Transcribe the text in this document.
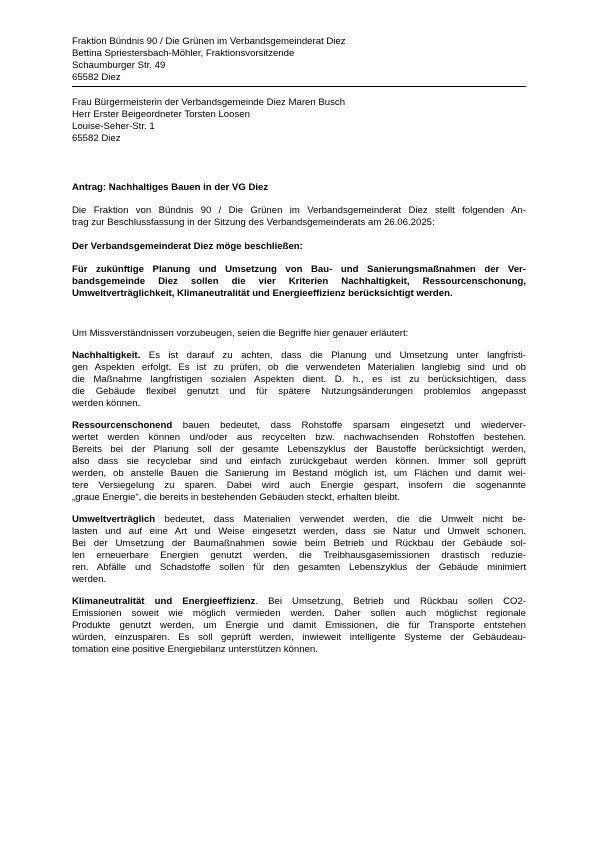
Fraktion Bündnis 90 / Die Grünen im Verbandsgemeinderat Diez
Bettina Spriestersbach-Möhler, Fraktionsvorsitzende
Schaumburger Str. 49
65582 Diez
Frau Bürgermeisterin der Verbandsgemeinde Diez Maren Busch
Herr Erster Beigeordneter Torsten Loosen
Louise-Seher-Str. 1
65582 Diez
Antrag: Nachhaltiges Bauen in der VG Diez
Die Fraktion von Bündnis 90 / Die Grünen im Verbandsgemeinderat Diez stellt folgenden An-
trag zur Beschlussfassung in der Sitzung des Verbandsgemeinderats am 26.06.2025:
Der Verbandsgemeinderat Diez möge beschließen:
Für zukünftige Planung und Umsetzung von Bau- und Sanierungsmaßnahmen der Ver-
bandsgemeinde Diez sollen die vier Kriterien Nachhaltigkeit, Ressourcenschonung,
Umweltverträglichkeit, Klimaneutralität und Energieeffizienz berücksichtigt werden.
Um Missverständnissen vorzubeugen, seien die Begriffe hier genauer erläutert:
Nachhaltigkeit. Es ist darauf zu achten, dass die Planung und Umsetzung unter langfristi-
gen Aspekten erfolgt. Es ist zu prüfen, ob die verwendeten Materialien langlebig sind und ob
die Maßnahme langfristigen sozialen Aspekten dient. D. h., es ist zu berücksichtigen, dass
die Gebäude flexibel genutzt und für spätere Nutzungsänderungen problemlos angepasst
werden können.
Ressourcenschonend bauen bedeutet, dass Rohstoffe sparsam eingesetzt und wiederver-
wertet werden können und/oder aus recycelten bzw. nachwachsenden Rohstoffen bestehen.
Bereits bei der Planung soll der gesamte Lebenszyklus der Baustoffe berücksichtigt werden,
also dass sie recyclebar sind und einfach zurückgebaut werden können. Immer soll geprüft
werden, ob anstelle Bauen die Sanierung im Bestand möglich ist, um Flächen und damit wei-
tere Versiegelung zu sparen. Dabei wird auch Energie gespart, insofern die sogenannte
„graue Energie“, die bereits in bestehenden Gebäuden steckt, erhalten bleibt.
Umweltverträglich bedeutet, dass Materialien verwendet werden, die die Umwelt nicht be-
lasten und auf eine Art und Weise eingesetzt werden, dass sie Natur und Umwelt schonen.
Bei der Umsetzung der Baumaßnahmen sowie beim Betrieb und Rückbau der Gebäude sol-
len erneuerbare Energien genutzt werden, die Treibhausgasemissionen drastisch reduzie-
ren. Abfälle und Schadstoffe sollen für den gesamten Lebenszyklus der Gebäude minimiert
werden.
Klimaneutralität und Energieeffizienz. Bei Umsetzung, Betrieb und Rückbau sollen CO2-
Emissionen soweit wie möglich vermieden werden. Daher sollen auch möglichst regionale
Produkte genutzt werden, um Energie und damit Emissionen, die für Transporte entstehen
würden, einzusparen. Es soll geprüft werden, inwieweit intelligente Systeme der Gebäudeau-
tomation eine positive Energiebilanz unterstützen können.
